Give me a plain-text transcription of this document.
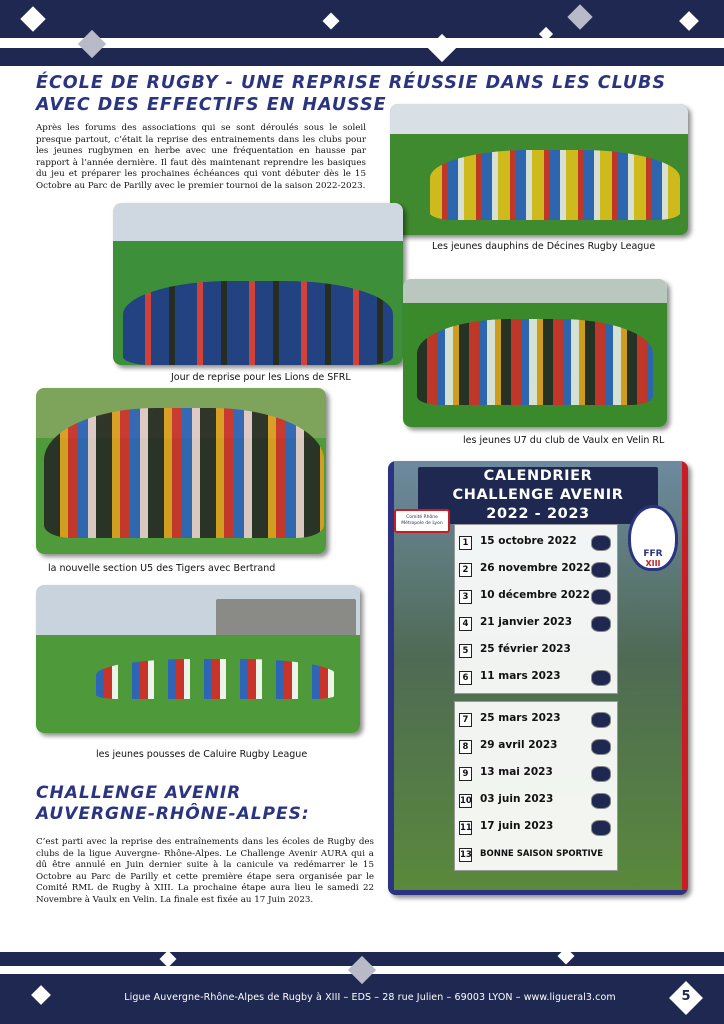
ÉCOLE DE RUGBY - UNE REPRISE RÉUSSIE DANS LES CLUBS AVEC DES EFFECTIFS EN HAUSSE

Après les forums des associations qui se sont déroulés sous le soleil presque partout, c’était la reprise des entrainements dans les clubs pour les jeunes rugbymen en herbe avec une fréquentation en hausse par rapport à l’année dernière. Il faut dès maintenant reprendre les basiques du jeu et préparer les prochaines échéances qui vont débuter dès le 15 Octobre au Parc de Parilly avec le premier tournoi de la saison 2022-2023.

Les jeunes dauphins de Décines Rugby League
Jour de reprise pour les Lions de SFRL
les jeunes U7 du club de Vaulx en Velin RL
la nouvelle section U5 des Tigers avec Bertrand
les jeunes pousses de Caluire Rugby League
CHALLENGE AVENIR AUVERGNE-RHÔNE-ALPES:

C’est parti avec la reprise des entraînements dans les écoles de Rugby des clubs de la ligue Auvergne- Rhône-Alpes. Le Challenge Avenir AURA qui a dû être annulé en Juin dernier suite à la canicule va redémarrer le 15 Octobre au Parc de Parilly et cette première étape sera organisée par le Comité RML de Rugby à XIII. La prochaine étape aura lieu le samedi 22 Novembre à Vaulx en Velin. La finale est fixée au 17 Juin 2023.

CALENDRIER
CHALLENGE AVENIR
2022 - 2023
Comité Rhône Métropole de Lyon
FFR
XIII
1	15 octobre 2022
2	26 novembre 2022
3	10 décembre 2022
4	21 janvier 2023
5	25 février 2023
6	11 mars 2023
7	25 mars 2023
8	29 avril 2023
9	13 mai 2023
10 03 juin 2023
11 17 juin 2023
13 BONNE SAISON SPORTIVE
Ligue Auvergne-Rhône-Alpes de Rugby à XIII – EDS – 28 rue Julien – 69003 LYON – www.ligueral3.com	5
